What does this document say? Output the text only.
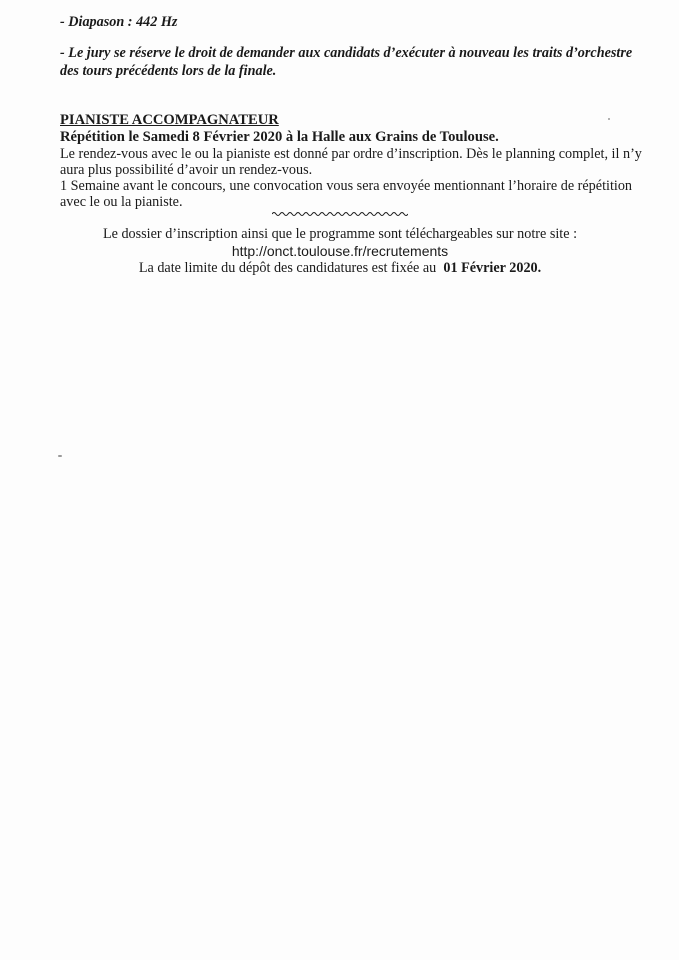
- Diapason : 442 Hz
- Le jury se réserve le droit de demander aux candidats d’exécuter à nouveau les traits d’orchestre
des tours précédents lors de la finale.
PIANISTE ACCOMPAGNATEUR
Répétition le Samedi 8 Février 2020 à la Halle aux Grains de Toulouse.
Le rendez-vous avec le ou la pianiste est donné par ordre d’inscription. Dès le planning complet, il n’y
aura plus possibilité d’avoir un rendez-vous.
1 Semaine avant le concours, une convocation vous sera envoyée mentionnant l’horaire de répétition
avec le ou la pianiste.
Le dossier d’inscription ainsi que le programme sont téléchargeables sur notre site :
http://onct.toulouse.fr/recrutements
La date limite du dépôt des candidatures est fixée au 01 Février 2020.
